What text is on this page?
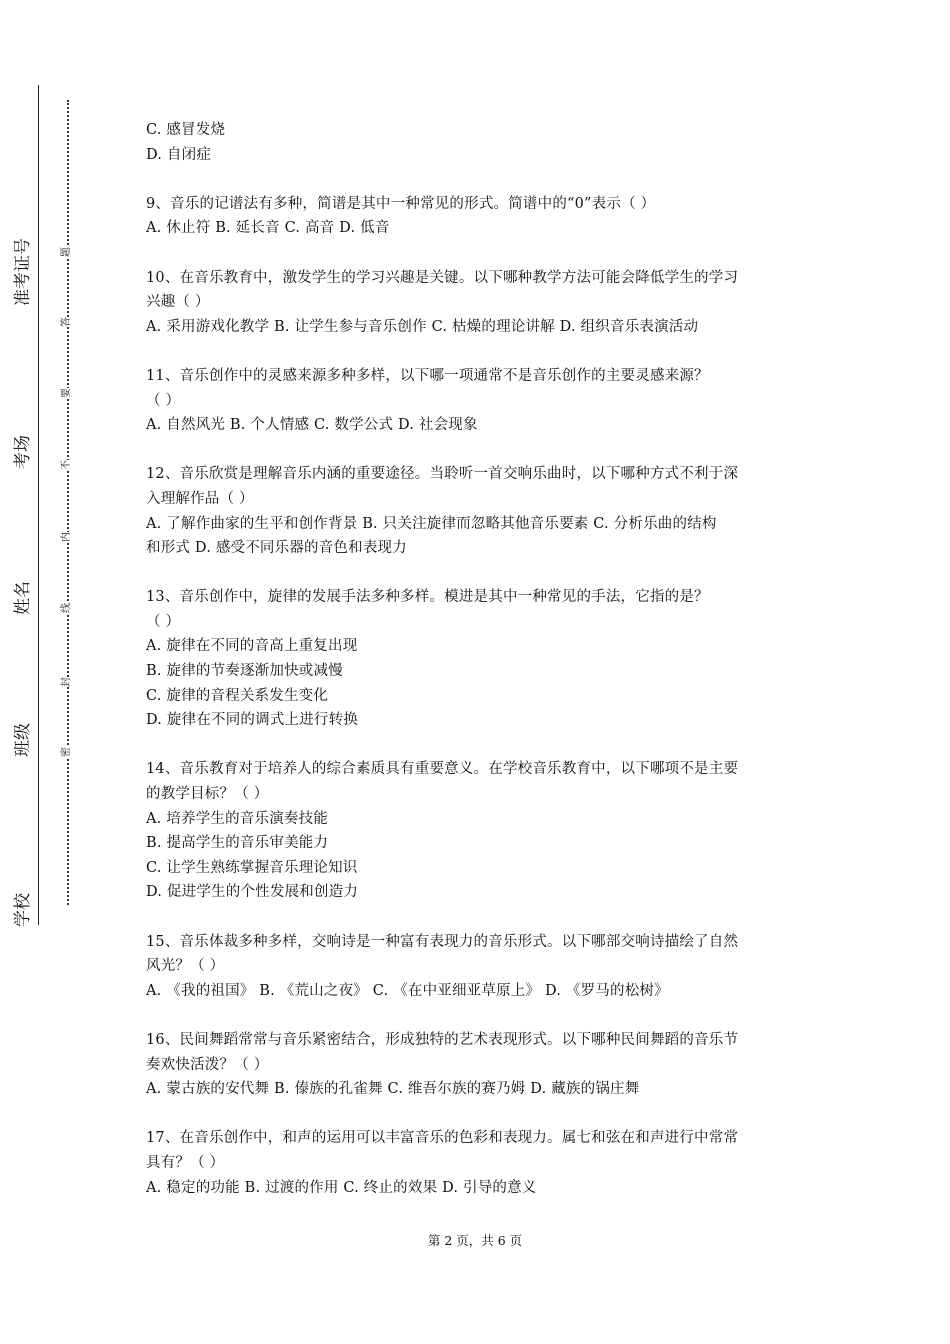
准考证号
考场
姓名
班级
学校
题
答
要
不
内
线
封
密
C. 感冒发烧
D. 自闭症
9、音乐的记谱法有多种，简谱是其中一种常见的形式。简谱中的“0”表示（ ）
A. 休止符 B. 延长音 C. 高音 D. 低音
10、在音乐教育中，激发学生的学习兴趣是关键。以下哪种教学方法可能会降低学生的学习
兴趣（ ）
A. 采用游戏化教学 B. 让学生参与音乐创作 C. 枯燥的理论讲解 D. 组织音乐表演活动
11、音乐创作中的灵感来源多种多样，以下哪一项通常不是音乐创作的主要灵感来源？
（ ）
A. 自然风光 B. 个人情感 C. 数学公式 D. 社会现象
12、音乐欣赏是理解音乐内涵的重要途径。当聆听一首交响乐曲时，以下哪种方式不利于深
入理解作品（ ）
A. 了解作曲家的生平和创作背景 B. 只关注旋律而忽略其他音乐要素 C. 分析乐曲的结构
和形式 D. 感受不同乐器的音色和表现力
13、音乐创作中，旋律的发展手法多种多样。模进是其中一种常见的手法，它指的是？
（ ）
A. 旋律在不同的音高上重复出现
B. 旋律的节奏逐渐加快或减慢
C. 旋律的音程关系发生变化
D. 旋律在不同的调式上进行转换
14、音乐教育对于培养人的综合素质具有重要意义。在学校音乐教育中，以下哪项不是主要
的教学目标？（ ）
A. 培养学生的音乐演奏技能
B. 提高学生的音乐审美能力
C. 让学生熟练掌握音乐理论知识
D. 促进学生的个性发展和创造力
15、音乐体裁多种多样，交响诗是一种富有表现力的音乐形式。以下哪部交响诗描绘了自然
风光？（ ）
A. 《我的祖国》 B. 《荒山之夜》 C. 《在中亚细亚草原上》 D. 《罗马的松树》
16、民间舞蹈常常与音乐紧密结合，形成独特的艺术表现形式。以下哪种民间舞蹈的音乐节
奏欢快活泼？（ ）
A. 蒙古族的安代舞 B. 傣族的孔雀舞 C. 维吾尔族的赛乃姆 D. 藏族的锅庄舞
17、在音乐创作中，和声的运用可以丰富音乐的色彩和表现力。属七和弦在和声进行中常常
具有？（ ）
A. 稳定的功能 B. 过渡的作用 C. 终止的效果 D. 引导的意义
第 2 页，共 6 页
